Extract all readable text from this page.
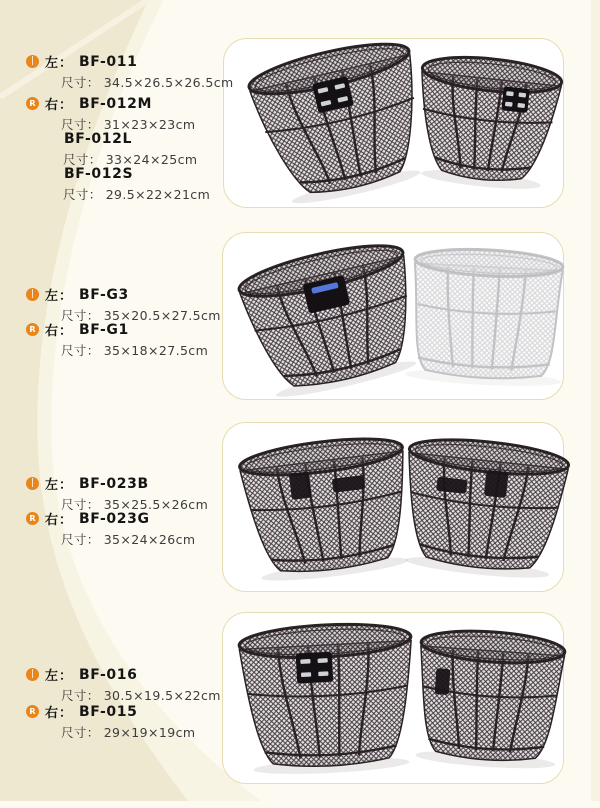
❘ 左： BF-011
尺寸： 34.5×26.5×26.5cm
R 右： BF-012M
尺寸： 31×23×23cm
BF-012L
尺寸： 33×24×25cm
BF-012S
尺寸： 29.5×22×21cm
❘ 左： BF-G3
尺寸： 35×20.5×27.5cm
R 右： BF-G1
尺寸： 35×18×27.5cm
❘ 左： BF-023B
尺寸： 35×25.5×26cm
R 右： BF-023G
尺寸： 35×24×26cm
❘ 左： BF-016
尺寸： 30.5×19.5×22cm
R 右： BF-015
尺寸： 29×19×19cm
